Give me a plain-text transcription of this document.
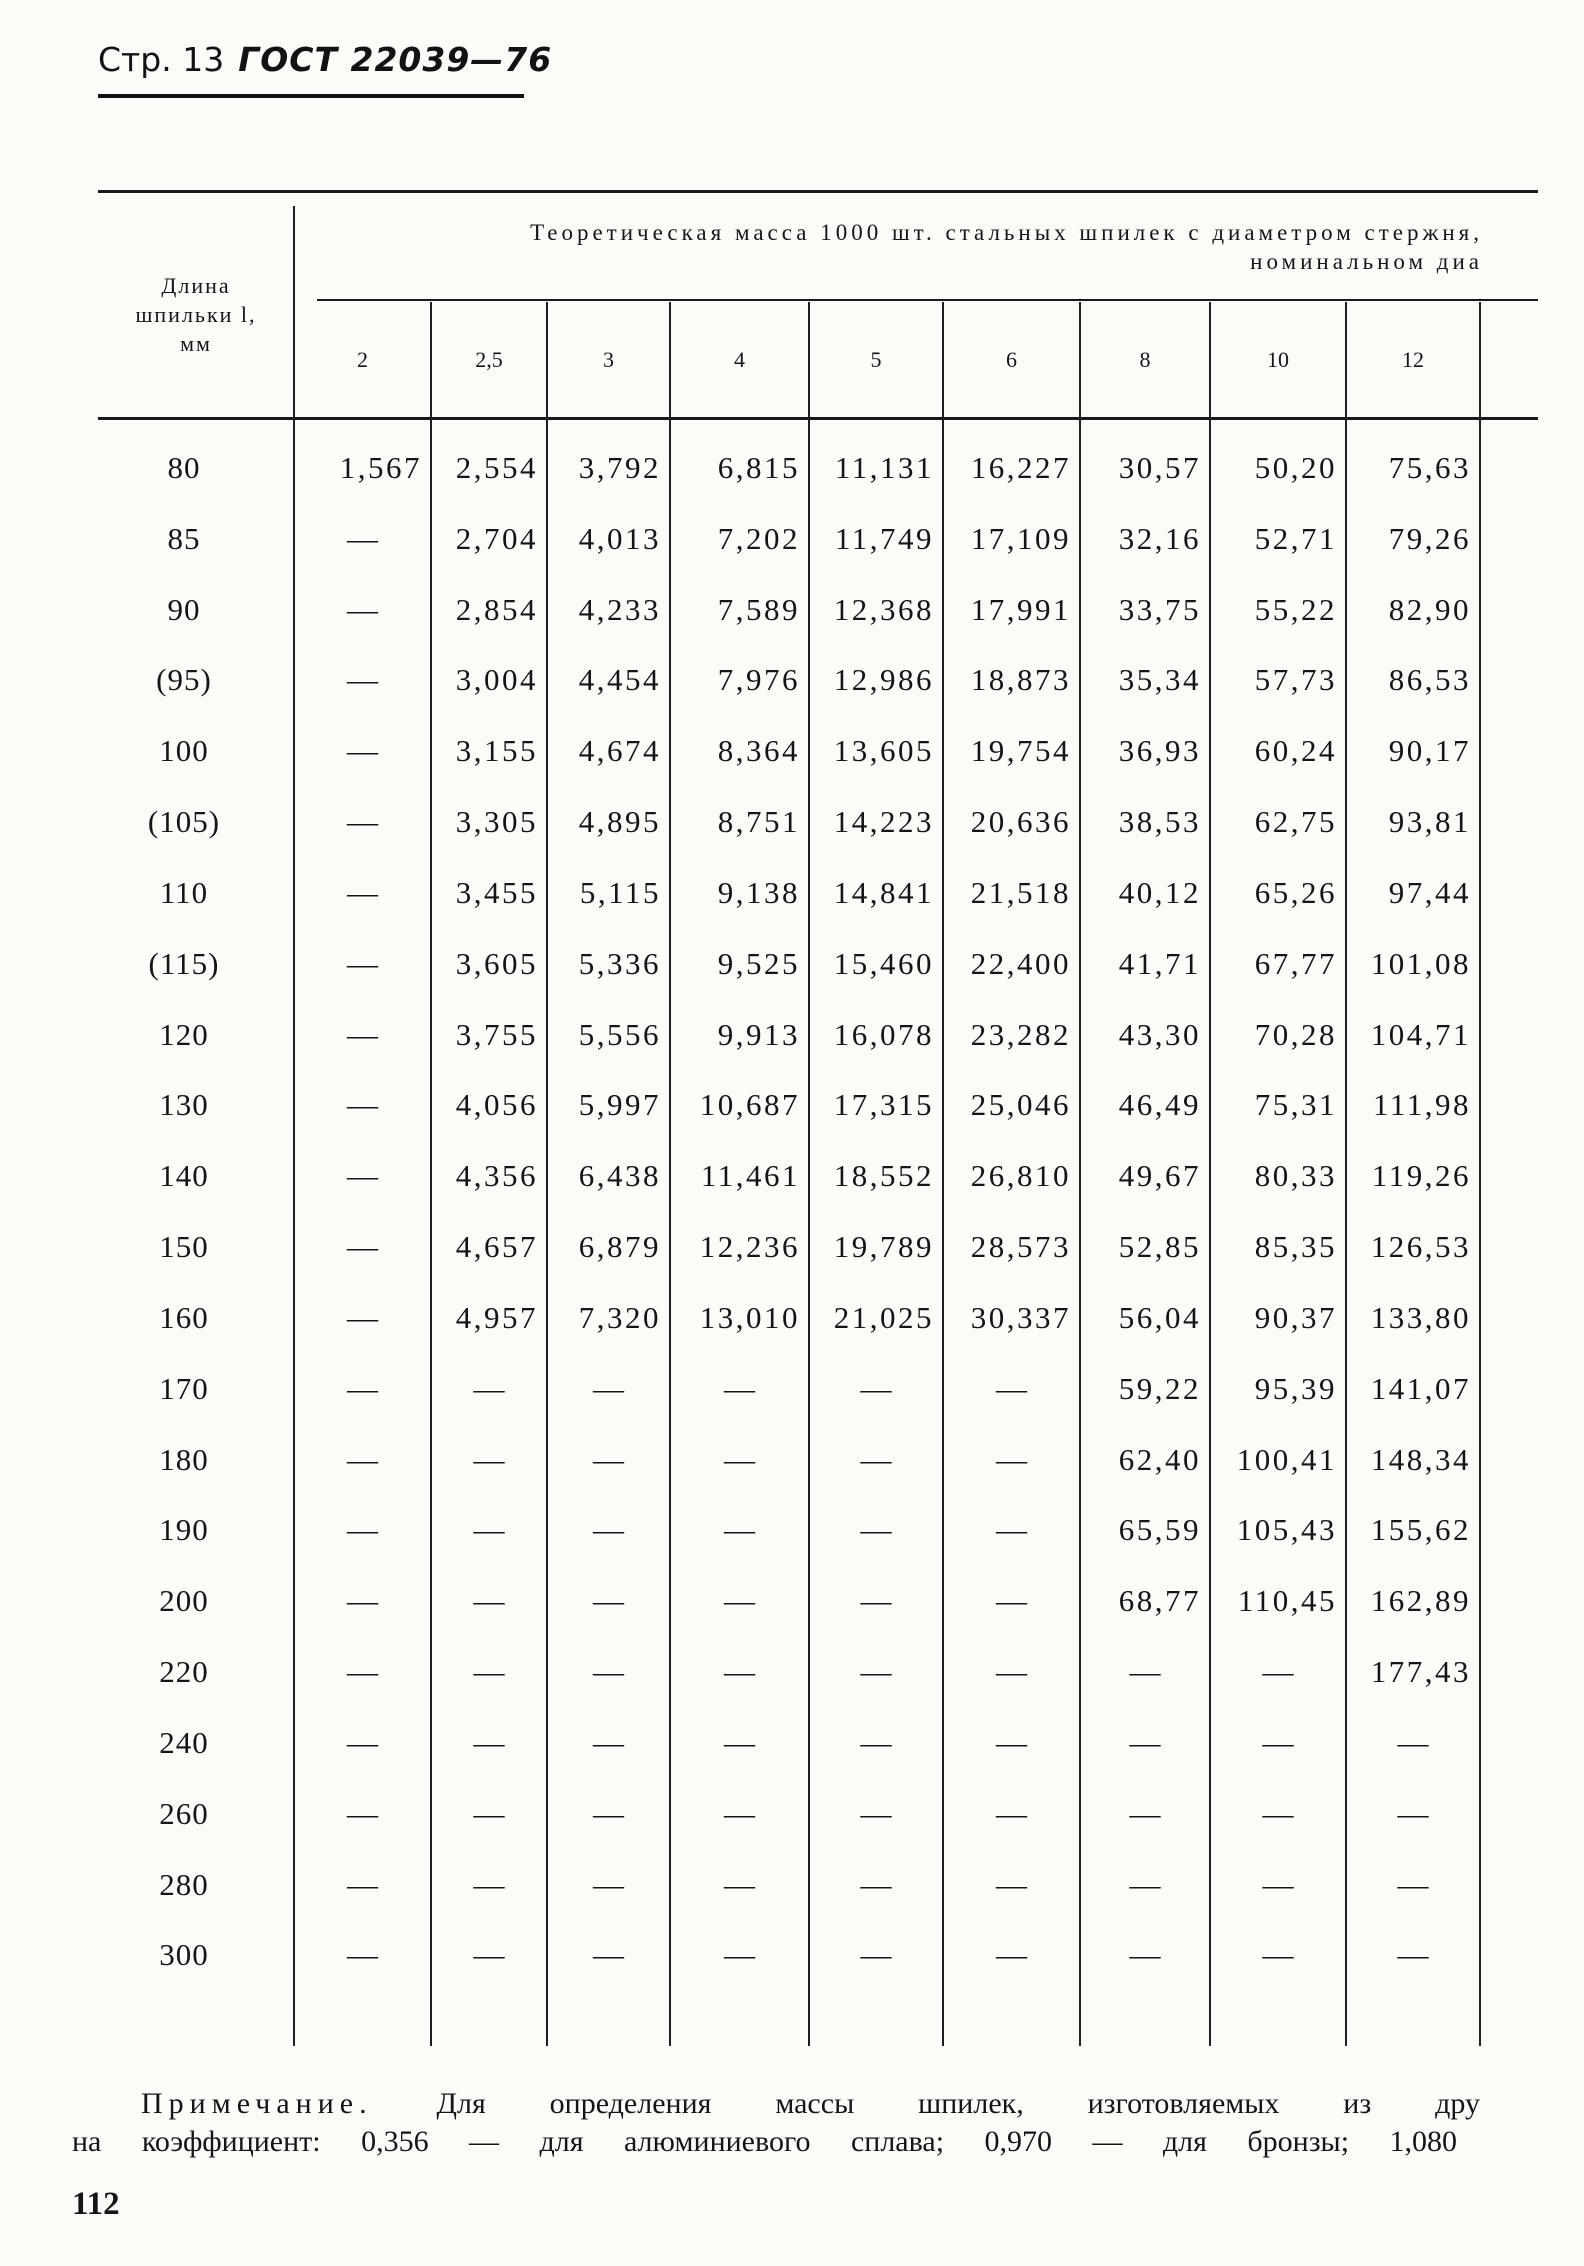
Стр. 13 ГОСТ 22039—76
Теоретическая масса 1000 шт. стальных шпилек с диаметром стержня,
номинальном диа
Длина
шпильки l,
мм
Примечание. Для определения массы шпилек, изготовляемых из дру
на коэффициент: 0,356 — для алюминиевого сплава; 0,970 — для бронзы; 1,080
112
2	2,5	3	4	5	6	8	10	12
80	1,567	2,554	3,792	6,815	11,131	16,227	30,57	50,20	75,63
85	—	2,704	4,013	7,202	11,749	17,109	32,16	52,71	79,26
90	—	2,854	4,233	7,589	12,368	17,991	33,75	55,22	82,90
(95)	—	3,004	4,454	7,976	12,986	18,873	35,34	57,73	86,53
100	—	3,155	4,674	8,364	13,605	19,754	36,93	60,24	90,17
(105)	—	3,305	4,895	8,751	14,223	20,636	38,53	62,75	93,81
110	—	3,455	5,115	9,138	14,841	21,518	40,12	65,26	97,44
(115)	—	3,605	5,336	9,525	15,460	22,400	41,71	67,77	101,08
120	—	3,755	5,556	9,913	16,078	23,282	43,30	70,28	104,71
130	—	4,056	5,997	10,687	17,315	25,046	46,49	75,31	111,98
140	—	4,356	6,438	11,461	18,552	26,810	49,67	80,33	119,26
150	—	4,657	6,879	12,236	19,789	28,573	52,85	85,35	126,53
160	—	4,957	7,320	13,010	21,025	30,337	56,04	90,37	133,80
170	—	—	—	—	—	—	59,22	95,39	141,07
180	—	—	—	—	—	—	62,40	100,41	148,34
190	—	—	—	—	—	—	65,59	105,43	155,62
200	—	—	—	—	—	—	68,77	110,45	162,89
220	—	—	—	—	—	—	—	—	177,43
240	—	—	—	—	—	—	—	—	—
260	—	—	—	—	—	—	—	—	—
280	—	—	—	—	—	—	—	—	—
300	—	—	—	—	—	—	—	—	—
